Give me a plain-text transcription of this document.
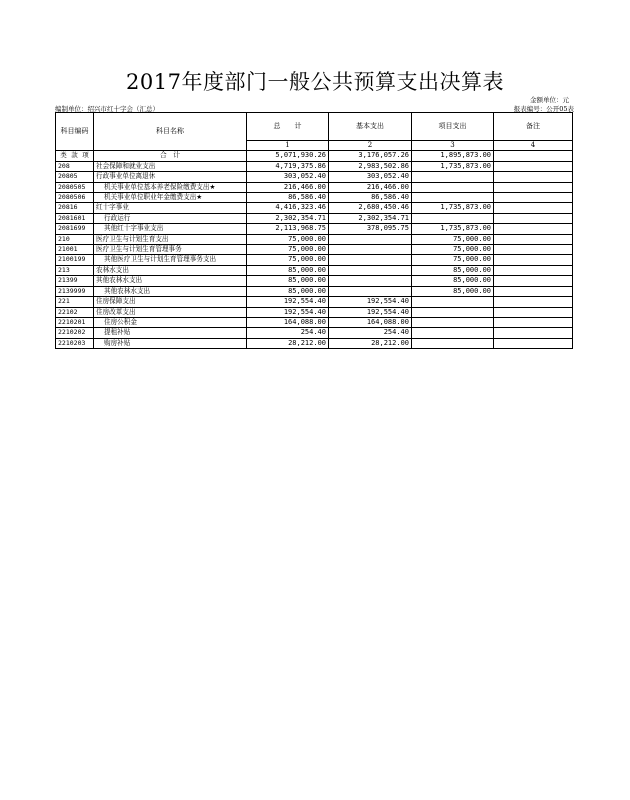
2017年度部门一般公共预算支出决算表
金额单位：元
编制单位：绍兴市红十字会（汇总）	报表编号：公开05表
科目编码	科目名称	总　　计	基本支出	项目支出	备注
		1	2	3	4
类 款 项	合　计	5,071,930.26	3,176,057.26	1,895,873.00	
208	社会保障和就业支出	4,719,375.86	2,983,502.86	1,735,873.00	
20805	行政事业单位离退休	303,052.40	303,052.40		
2080505	机关事业单位基本养老保险缴费支出★	216,466.00	216,466.00		
2080506	机关事业单位职业年金缴费支出★	86,586.40	86,586.40		
20816	红十字事业	4,416,323.46	2,680,450.46	1,735,873.00	
2081601	行政运行	2,302,354.71	2,302,354.71		
2081699	其他红十字事业支出	2,113,968.75	378,095.75	1,735,873.00	
210	医疗卫生与计划生育支出	75,000.00		75,000.00	
21001	医疗卫生与计划生育管理事务	75,000.00		75,000.00	
2100199	其他医疗卫生与计划生育管理事务支出	75,000.00		75,000.00	
213	农林水支出	85,000.00		85,000.00	
21399	其他农林水支出	85,000.00		85,000.00	
2139999	其他农林水支出	85,000.00		85,000.00	
221	住房保障支出	192,554.40	192,554.40		
22102	住房改革支出	192,554.40	192,554.40		
2210201	住房公积金	164,088.00	164,088.00		
2210202	提租补贴	254.40	254.40		
2210203	购房补贴	28,212.00	28,212.00		
